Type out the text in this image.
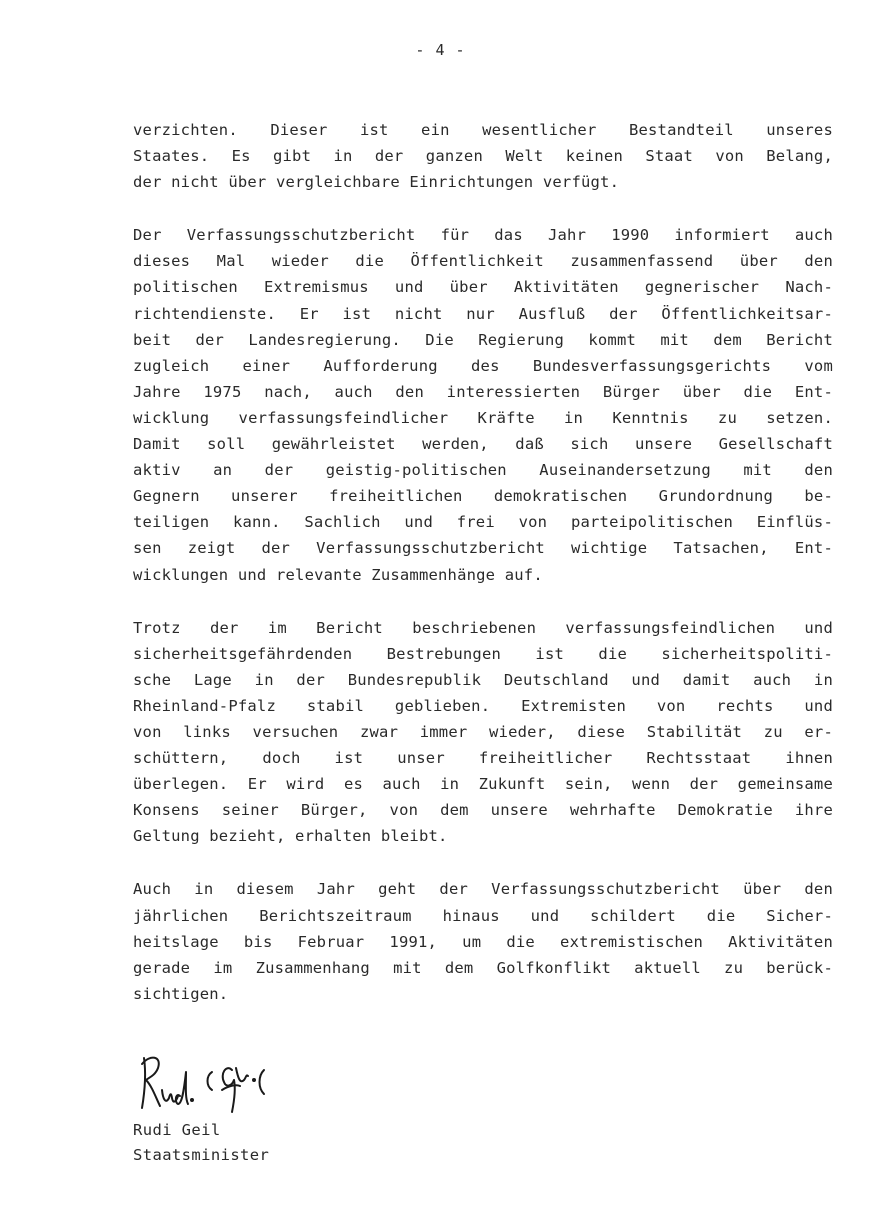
- 4 -
verzichten. Dieser ist ein wesentlicher Bestandteil unseres
Staates. Es gibt in der ganzen Welt keinen Staat von Belang,
der nicht über vergleichbare Einrichtungen verfügt.
Der Verfassungsschutzbericht für das Jahr 1990 informiert auch
dieses Mal wieder die Öffentlichkeit zusammenfassend über den
politischen Extremismus und über Aktivitäten gegnerischer Nach-
richtendienste. Er ist nicht nur Ausfluß der Öffentlichkeitsar-
beit der Landesregierung. Die Regierung kommt mit dem Bericht
zugleich einer Aufforderung des Bundesverfassungsgerichts vom
Jahre 1975 nach, auch den interessierten Bürger über die Ent-
wicklung verfassungsfeindlicher Kräfte in Kenntnis zu setzen.
Damit soll gewährleistet werden, daß sich unsere Gesellschaft
aktiv an der geistig-politischen Auseinandersetzung mit den
Gegnern unserer freiheitlichen demokratischen Grundordnung be-
teiligen kann. Sachlich und frei von parteipolitischen Einflüs-
sen zeigt der Verfassungsschutzbericht wichtige Tatsachen, Ent-
wicklungen und relevante Zusammenhänge auf.
Trotz der im Bericht beschriebenen verfassungsfeindlichen und
sicherheitsgefährdenden Bestrebungen ist die sicherheitspoliti-
sche Lage in der Bundesrepublik Deutschland und damit auch in
Rheinland-Pfalz stabil geblieben. Extremisten von rechts und
von links versuchen zwar immer wieder, diese Stabilität zu er-
schüttern, doch ist unser freiheitlicher Rechtsstaat ihnen
überlegen. Er wird es auch in Zukunft sein, wenn der gemeinsame
Konsens seiner Bürger, von dem unsere wehrhafte Demokratie ihre
Geltung bezieht, erhalten bleibt.
Auch in diesem Jahr geht der Verfassungsschutzbericht über den
jährlichen Berichtszeitraum hinaus und schildert die Sicher-
heitslage bis Februar 1991, um die extremistischen Aktivitäten
gerade im Zusammenhang mit dem Golfkonflikt aktuell zu berück-
sichtigen.
Rudi Geil
Staatsminister
